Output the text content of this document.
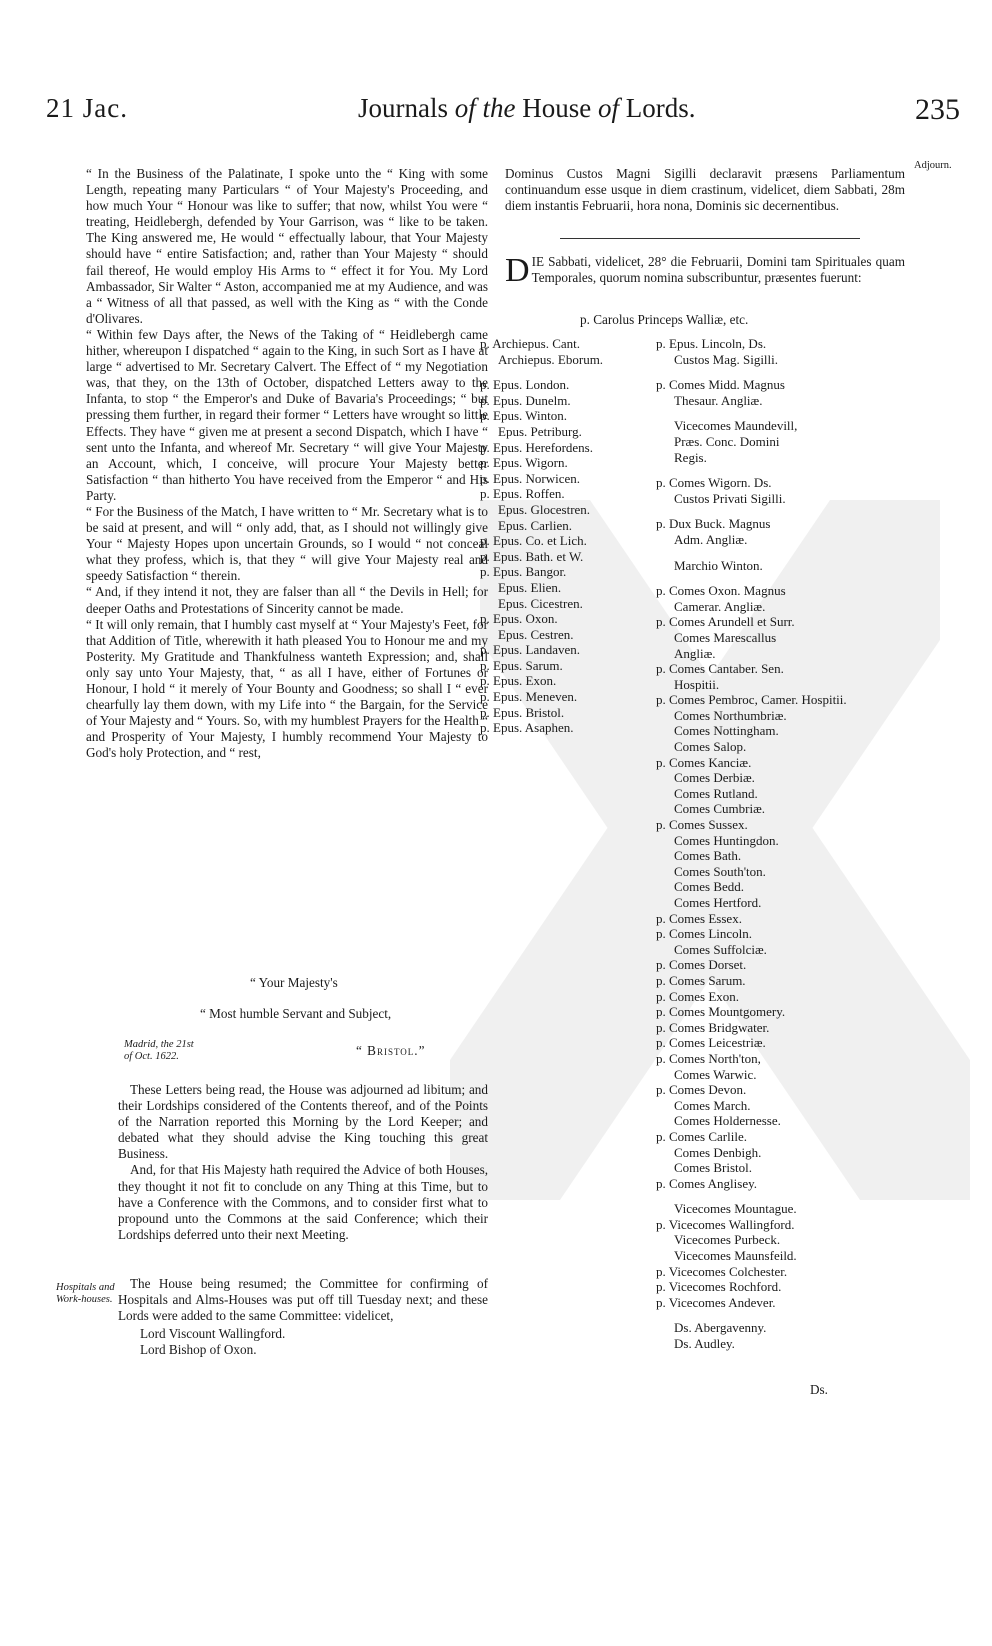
21 Jac.	Journals of the House of Lords.	235

“ In the Business of the Palatinate, I spoke unto the “ King with some Length, repeating many Particulars “ of Your Majesty's Proceeding, and how much Your “ Honour was like to suffer; that now, whilst You were “ treating, Heidlebergh, defended by Your Garrison, was “ like to be taken. The King answered me, He would “ effectually labour, that Your Majesty should have “ entire Satisfaction; and, rather than Your Majesty “ should fail thereof, He would employ His Arms to “ effect it for You. My Lord Ambassador, Sir Walter “ Aston, accompanied me at my Audience, and was a “ Witness of all that passed, as well with the King as “ with the Conde d'Olivares.

“ Within few Days after, the News of the Taking of “ Heidlebergh came hither, whereupon I dispatched “ again to the King, in such Sort as I have at large “ advertised to Mr. Secretary Calvert. The Effect of “ my Negotiation was, that they, on the 13th of October, dispatched Letters away to the Infanta, to stop “ the Emperor's and Duke of Bavaria's Proceedings; “ but pressing them further, in regard their former “ Letters have wrought so little Effects. They have “ given me at present a second Dispatch, which I have “ sent unto the Infanta, and whereof Mr. Secretary “ will give Your Majesty an Account, which, I conceive, will procure Your Majesty better Satisfaction “ than hitherto You have received from the Emperor “ and His Party.

“ For the Business of the Match, I have written to “ Mr. Secretary what is to be said at present, and will “ only add, that, as I should not willingly give Your “ Majesty Hopes upon uncertain Grounds, so I would “ not conceal what they profess, which is, that they “ will give Your Majesty real and speedy Satisfaction “ therein.

“ And, if they intend it not, they are falser than all “ the Devils in Hell; for deeper Oaths and Protestations of Sincerity cannot be made.

“ It will only remain, that I humbly cast myself at “ Your Majesty's Feet, for that Addition of Title, wherewith it hath pleased You to Honour me and my Posterity. My Gratitude and Thankfulness wanteth Expression; and, shall only say unto Your Majesty, that, “ as all I have, either of Fortunes or Honour, I hold “ it merely of Your Bounty and Goodness; so shall I “ ever chearfully lay them down, with my Life into “ the Bargain, for the Service of Your Majesty and “ Yours. So, with my humblest Prayers for the Health “ and Prosperity of Your Majesty, I humbly recommend Your Majesty to God's holy Protection, and “ rest,

“ Your Majesty's

“ Most humble Servant and Subject,

Madrid, the 21st
of Oct. 1622.	“ Bristol.”

These Letters being read, the House was adjourned ad libitum; and their Lordships considered of the Contents thereof, and of the Points of the Narration reported this Morning by the Lord Keeper; and debated what they should advise the King touching this great Business.

And, for that His Majesty hath required the Advice of both Houses, they thought it not fit to conclude on any Thing at this Time, but to have a Conference with the Commons, and to consider first what to propound unto the Commons at the said Conference; which their Lordships deferred unto their next Meeting.

Hospitals and
Work-houses.

The House being resumed; the Committee for confirming of Hospitals and Alms-Houses was put off till Tuesday next; and these Lords were added to the same Committee: videlicet,

Lord Viscount Wallingford.

Lord Bishop of Oxon.

Dominus Custos Magni Sigilli declaravit præsens Parliamentum continuandum esse usque in diem crastinum, videlicet, diem Sabbati, 28m diem instantis Februarii, hora nona, Dominis sic decernentibus.
Adjourn.
D IE Sabbati, videlicet, 28° die Februarii, Domini tam Spirituales quam Temporales, quorum nomina subscribuntur, præsentes fuerunt:
p. Carolus Princeps Walliæ, etc.
p. Archiepus. Cant.
Archiepus. Eborum.
p. Epus. London.
p. Epus. Dunelm.
p. Epus. Winton.
Epus. Petriburg.
p. Epus. Herefordens.
p. Epus. Wigorn.
p. Epus. Norwicen.
p. Epus. Roffen.
Epus. Glocestren.
Epus. Carlien.
p. Epus. Co. et Lich.
p. Epus. Bath. et W.
p. Epus. Bangor.
Epus. Elien.
Epus. Cicestren.
p. Epus. Oxon.
Epus. Cestren.
p. Epus. Landaven.
p. Epus. Sarum.
p. Epus. Exon.
p. Epus. Meneven.
p. Epus. Bristol.
p. Epus. Asaphen.
p. Epus. Lincoln, Ds.
Custos Mag. Sigilli.
p. Comes Midd. Magnus
Thesaur. Angliæ.
Vicecomes Maundevill,
Præs. Conc. Domini
Regis.
p. Comes Wigorn. Ds.
Custos Privati Sigilli.
p. Dux Buck. Magnus
Adm. Angliæ.
Marchio Winton.
p. Comes Oxon. Magnus
Camerar. Angliæ.
p. Comes Arundell et Surr.
Comes Marescallus
Angliæ.
p. Comes Cantaber. Sen.
Hospitii.
p. Comes Pembroc, Camer. Hospitii.
Comes Northumbriæ.
Comes Nottingham.
Comes Salop.
p. Comes Kanciæ.
Comes Derbiæ.
Comes Rutland.
Comes Cumbriæ.
p. Comes Sussex.
Comes Huntingdon.
Comes Bath.
Comes South'ton.
Comes Bedd.
Comes Hertford.
p. Comes Essex.
p. Comes Lincoln.
Comes Suffolciæ.
p. Comes Dorset.
p. Comes Sarum.
p. Comes Exon.
p. Comes Mountgomery.
p. Comes Bridgwater.
p. Comes Leicestriæ.
p. Comes North'ton,
Comes Warwic.
p. Comes Devon.
Comes March.
Comes Holdernesse.
p. Comes Carlile.
Comes Denbigh.
Comes Bristol.
p. Comes Anglisey.
Vicecomes Mountague.
p. Vicecomes Wallingford.
Vicecomes Purbeck.
Vicecomes Maunsfeild.
p. Vicecomes Colchester.
p. Vicecomes Rochford.
p. Vicecomes Andever.
Ds. Abergavenny.
Ds. Audley.
Ds.
